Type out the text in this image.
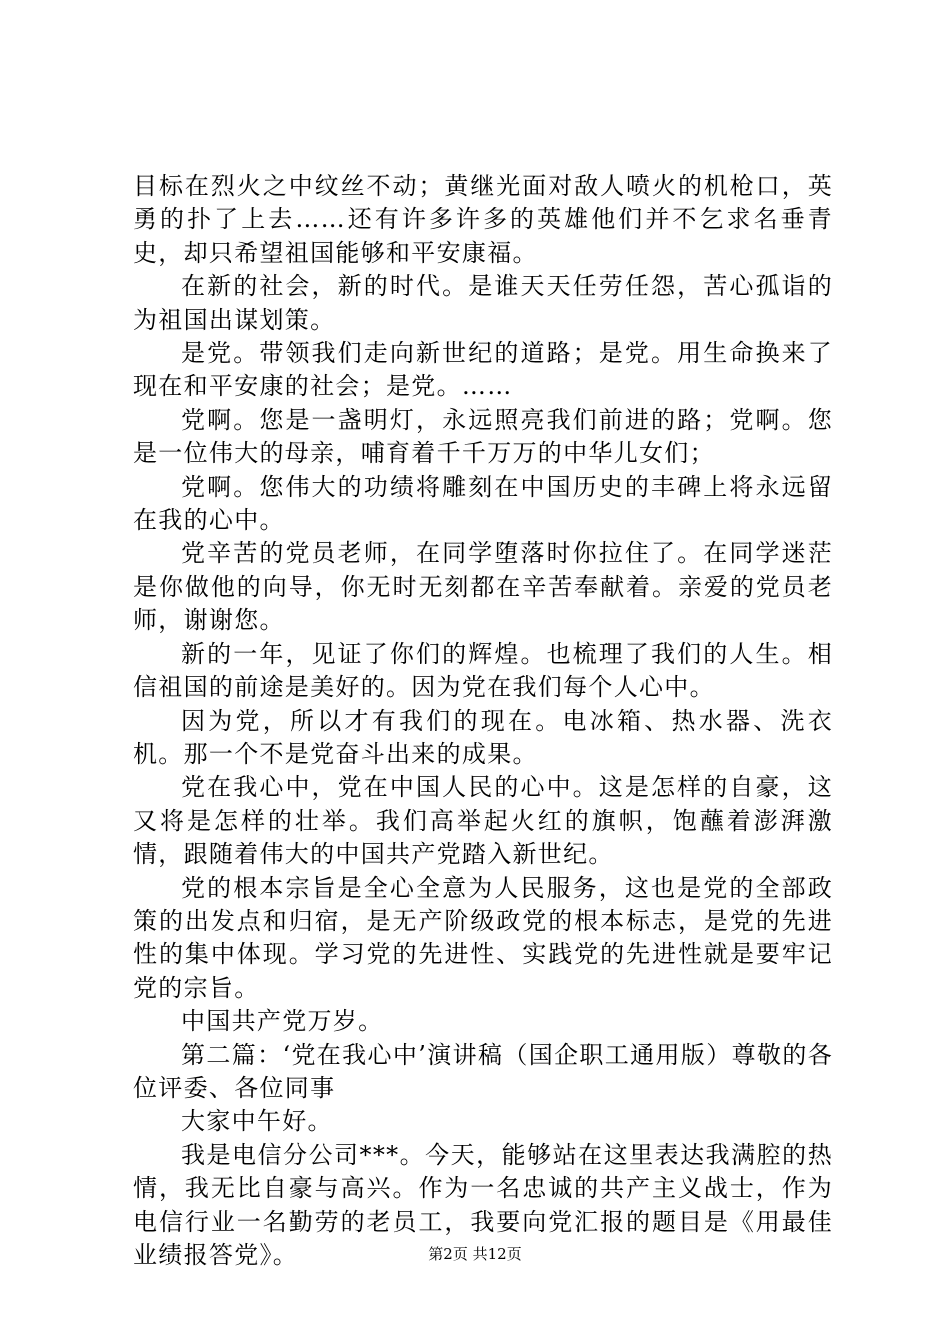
目标在烈火之中纹丝不动；黄继光面对敌人喷火的机枪口，英勇的扑了上去……还有许多许多的英雄他们并不乞求名垂青史，却只希望祖国能够和平安康福。

在新的社会，新的时代。是谁天天任劳任怨，苦心孤诣的为祖国出谋划策。

是党。带领我们走向新世纪的道路；是党。用生命换来了现在和平安康的社会；是党。……

党啊。您是一盏明灯，永远照亮我们前进的路；党啊。您是一位伟大的母亲，哺育着千千万万的中华儿女们；

党啊。您伟大的功绩将雕刻在中国历史的丰碑上将永远留在我的心中。

党辛苦的党员老师，在同学堕落时你拉住了。在同学迷茫是你做他的向导，你无时无刻都在辛苦奉献着。亲爱的党员老师，谢谢您。

新的一年，见证了你们的辉煌。也梳理了我们的人生。相信祖国的前途是美好的。因为党在我们每个人心中。

因为党，所以才有我们的现在。电冰箱、热水器、洗衣机。那一个不是党奋斗出来的成果。

党在我心中，党在中国人民的心中。这是怎样的自豪，这又将是怎样的壮举。我们高举起火红的旗帜，饱蘸着澎湃激情，跟随着伟大的中国共产党踏入新世纪。

党的根本宗旨是全心全意为人民服务，这也是党的全部政策的出发点和归宿，是无产阶级政党的根本标志，是党的先进性的集中体现。学习党的先进性、实践党的先进性就是要牢记党的宗旨。

中国共产党万岁。

第二篇：‘党在我心中’演讲稿（国企职工通用版）尊敬的各位评委、各位同事

大家中午好。

我是电信分公司***。今天，能够站在这里表达我满腔的热情，我无比自豪与高兴。作为一名忠诚的共产主义战士，作为电信行业一名勤劳的老员工，我要向党汇报的题目是《用最佳业绩报答党》。	第2页 共12页
